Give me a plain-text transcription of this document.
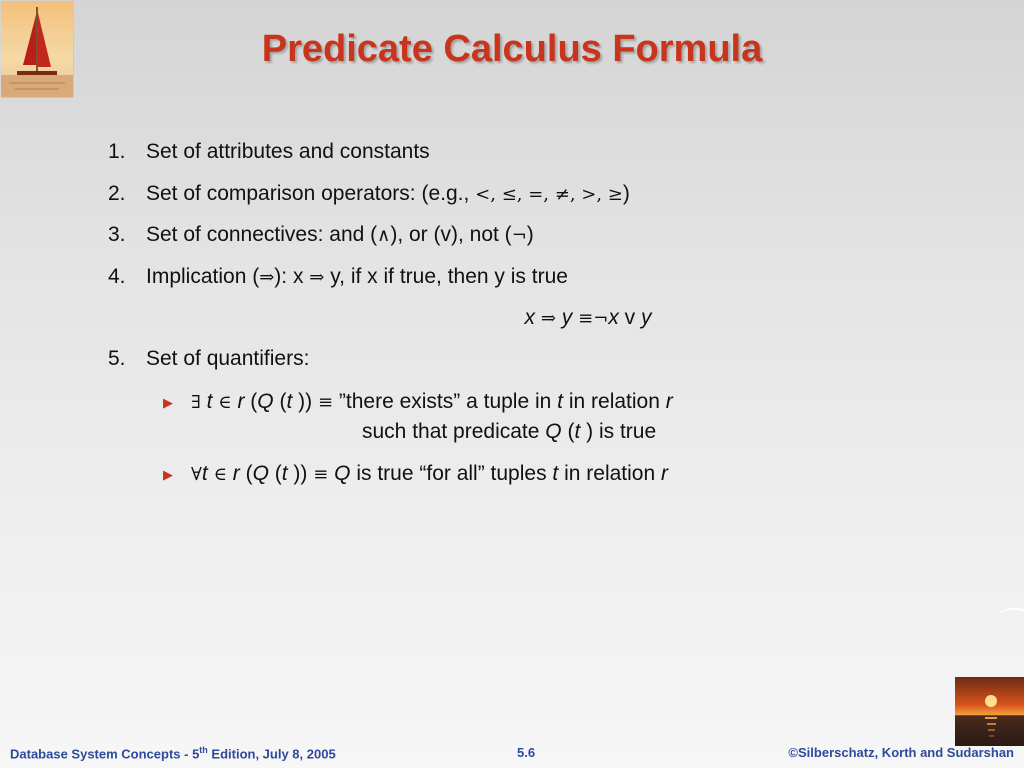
Predicate Calculus Formula
1. Set of attributes and constants
2. Set of comparison operators: (e.g., <, ≤, =, ≠, >, ≥)
3. Set of connectives: and (∧), or (v), not (¬)
4. Implication (⇒): x ⇒ y, if x if true, then y is true
x ⇒ y ≡¬x v y
5. Set of quantifiers:
▶ ∃ t ∈ r (Q (t )) ≡ ”there exists” a tuple in t in relation r
such that predicate Q (t ) is true
▶ ∀t ∈ r (Q (t )) ≡ Q is true “for all” tuples t in relation r
Database System Concepts - 5th Edition, July 8, 2005	5.6	©Silberschatz, Korth and Sudarshan
